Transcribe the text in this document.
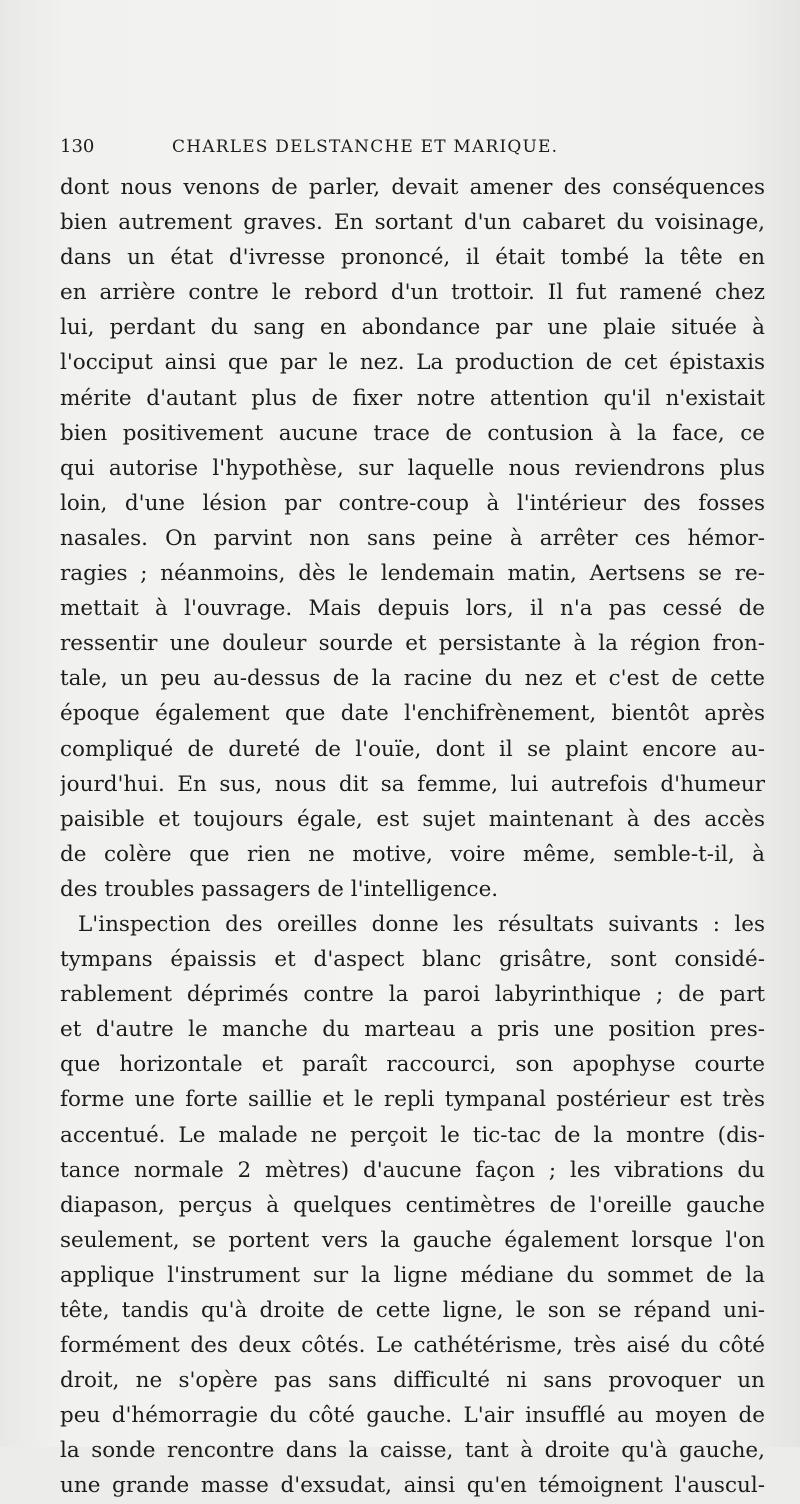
130	CHARLES DELSTANCHE ET MARIQUE.
dont nous venons de parler, devait amener des conséquences
bien autrement graves. En sortant d'un cabaret du voisinage,
dans un état d'ivresse prononcé, il était tombé la tête en
en arrière contre le rebord d'un trottoir. Il fut ramené chez
lui, perdant du sang en abondance par une plaie située à
l'occiput ainsi que par le nez. La production de cet épistaxis
mérite d'autant plus de fixer notre attention qu'il n'existait
bien positivement aucune trace de contusion à la face, ce
qui autorise l'hypothèse, sur laquelle nous reviendrons plus
loin, d'une lésion par contre-coup à l'intérieur des fosses
nasales. On parvint non sans peine à arrêter ces hémor-
ragies ; néanmoins, dès le lendemain matin, Aertsens se re-
mettait à l'ouvrage. Mais depuis lors, il n'a pas cessé de
ressentir une douleur sourde et persistante à la région fron-
tale, un peu au-dessus de la racine du nez et c'est de cette
époque également que date l'enchifrènement, bientôt après
compliqué de dureté de l'ouïe, dont il se plaint encore au-
jourd'hui. En sus, nous dit sa femme, lui autrefois d'humeur
paisible et toujours égale, est sujet maintenant à des accès
de colère que rien ne motive, voire même, semble-t-il, à
des troubles passagers de l'intelligence.
L'inspection des oreilles donne les résultats suivants : les
tympans épaissis et d'aspect blanc grisâtre, sont considé-
rablement déprimés contre la paroi labyrinthique ; de part
et d'autre le manche du marteau a pris une position pres-
que horizontale et paraît raccourci, son apophyse courte
forme une forte saillie et le repli tympanal postérieur est très
accentué. Le malade ne perçoit le tic-tac de la montre (dis-
tance normale 2 mètres) d'aucune façon ; les vibrations du
diapason, perçus à quelques centimètres de l'oreille gauche
seulement, se portent vers la gauche également lorsque l'on
applique l'instrument sur la ligne médiane du sommet de la
tête, tandis qu'à droite de cette ligne, le son se répand uni-
formément des deux côtés. Le cathétérisme, très aisé du côté
droit, ne s'opère pas sans difficulté ni sans provoquer un
peu d'hémorragie du côté gauche. L'air insufflé au moyen de
la sonde rencontre dans la caisse, tant à droite qu'à gauche,
une grande masse d'exsudat, ainsi qu'en témoignent l'auscul-
